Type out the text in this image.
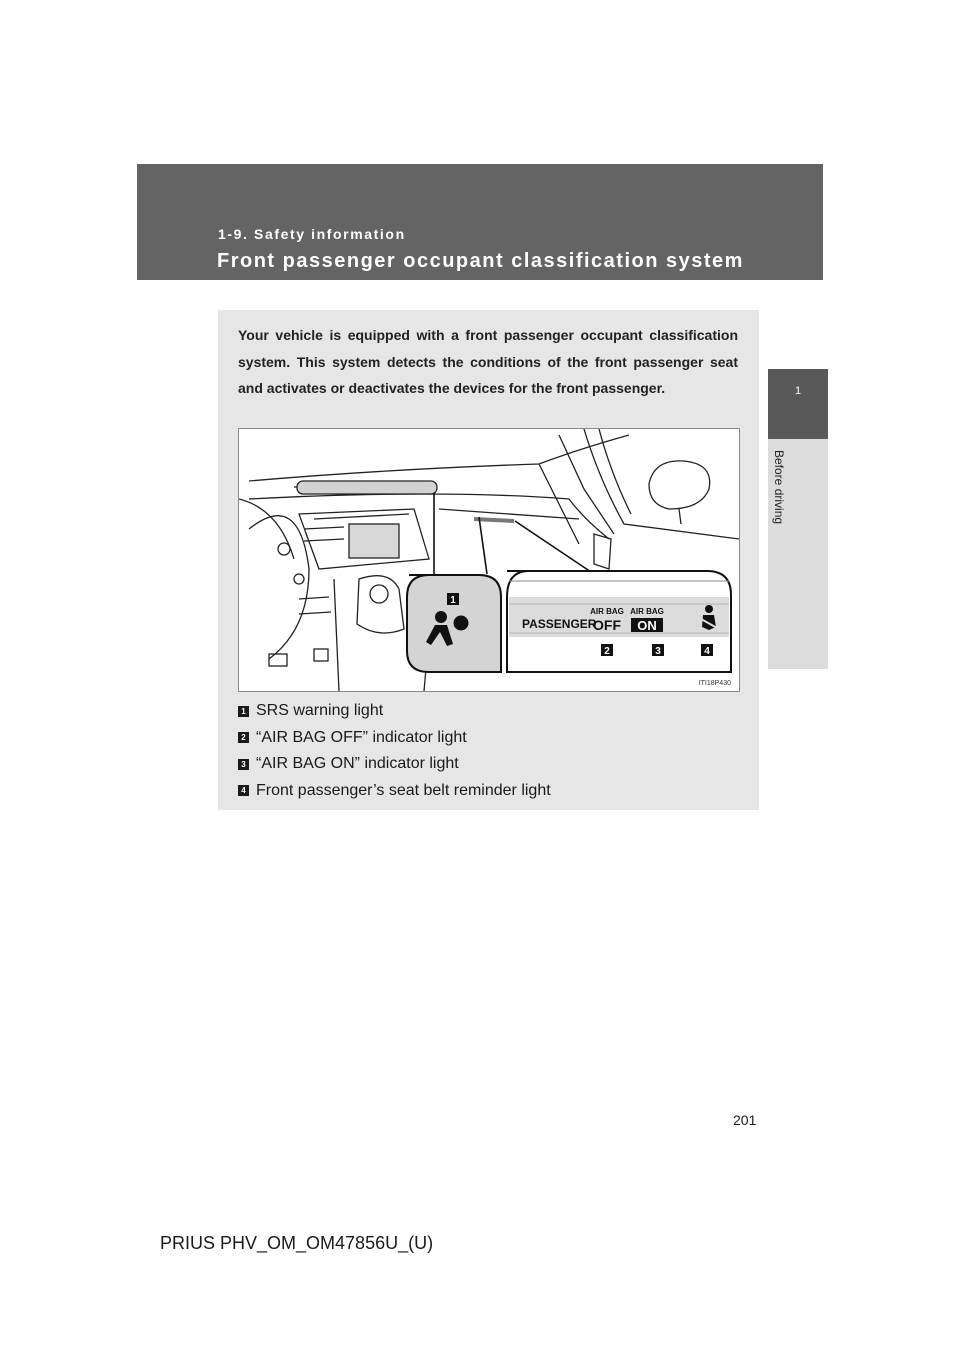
1-9. Safety information
Front passenger occupant classification system
1
Before driving
Your vehicle is equipped with a front passenger occupant classification system. This system detects the conditions of the front passenger seat and activates or deactivates the devices for the front passenger.
1
2	3	4
PASSENGER
AIR BAG
OFF
AIR BAG
ON
ITI18P430
1 SRS warning light
2 “AIR BAG OFF” indicator light
3 “AIR BAG ON” indicator light
4 Front passenger’s seat belt reminder light
201
PRIUS PHV_OM_OM47856U_(U)
